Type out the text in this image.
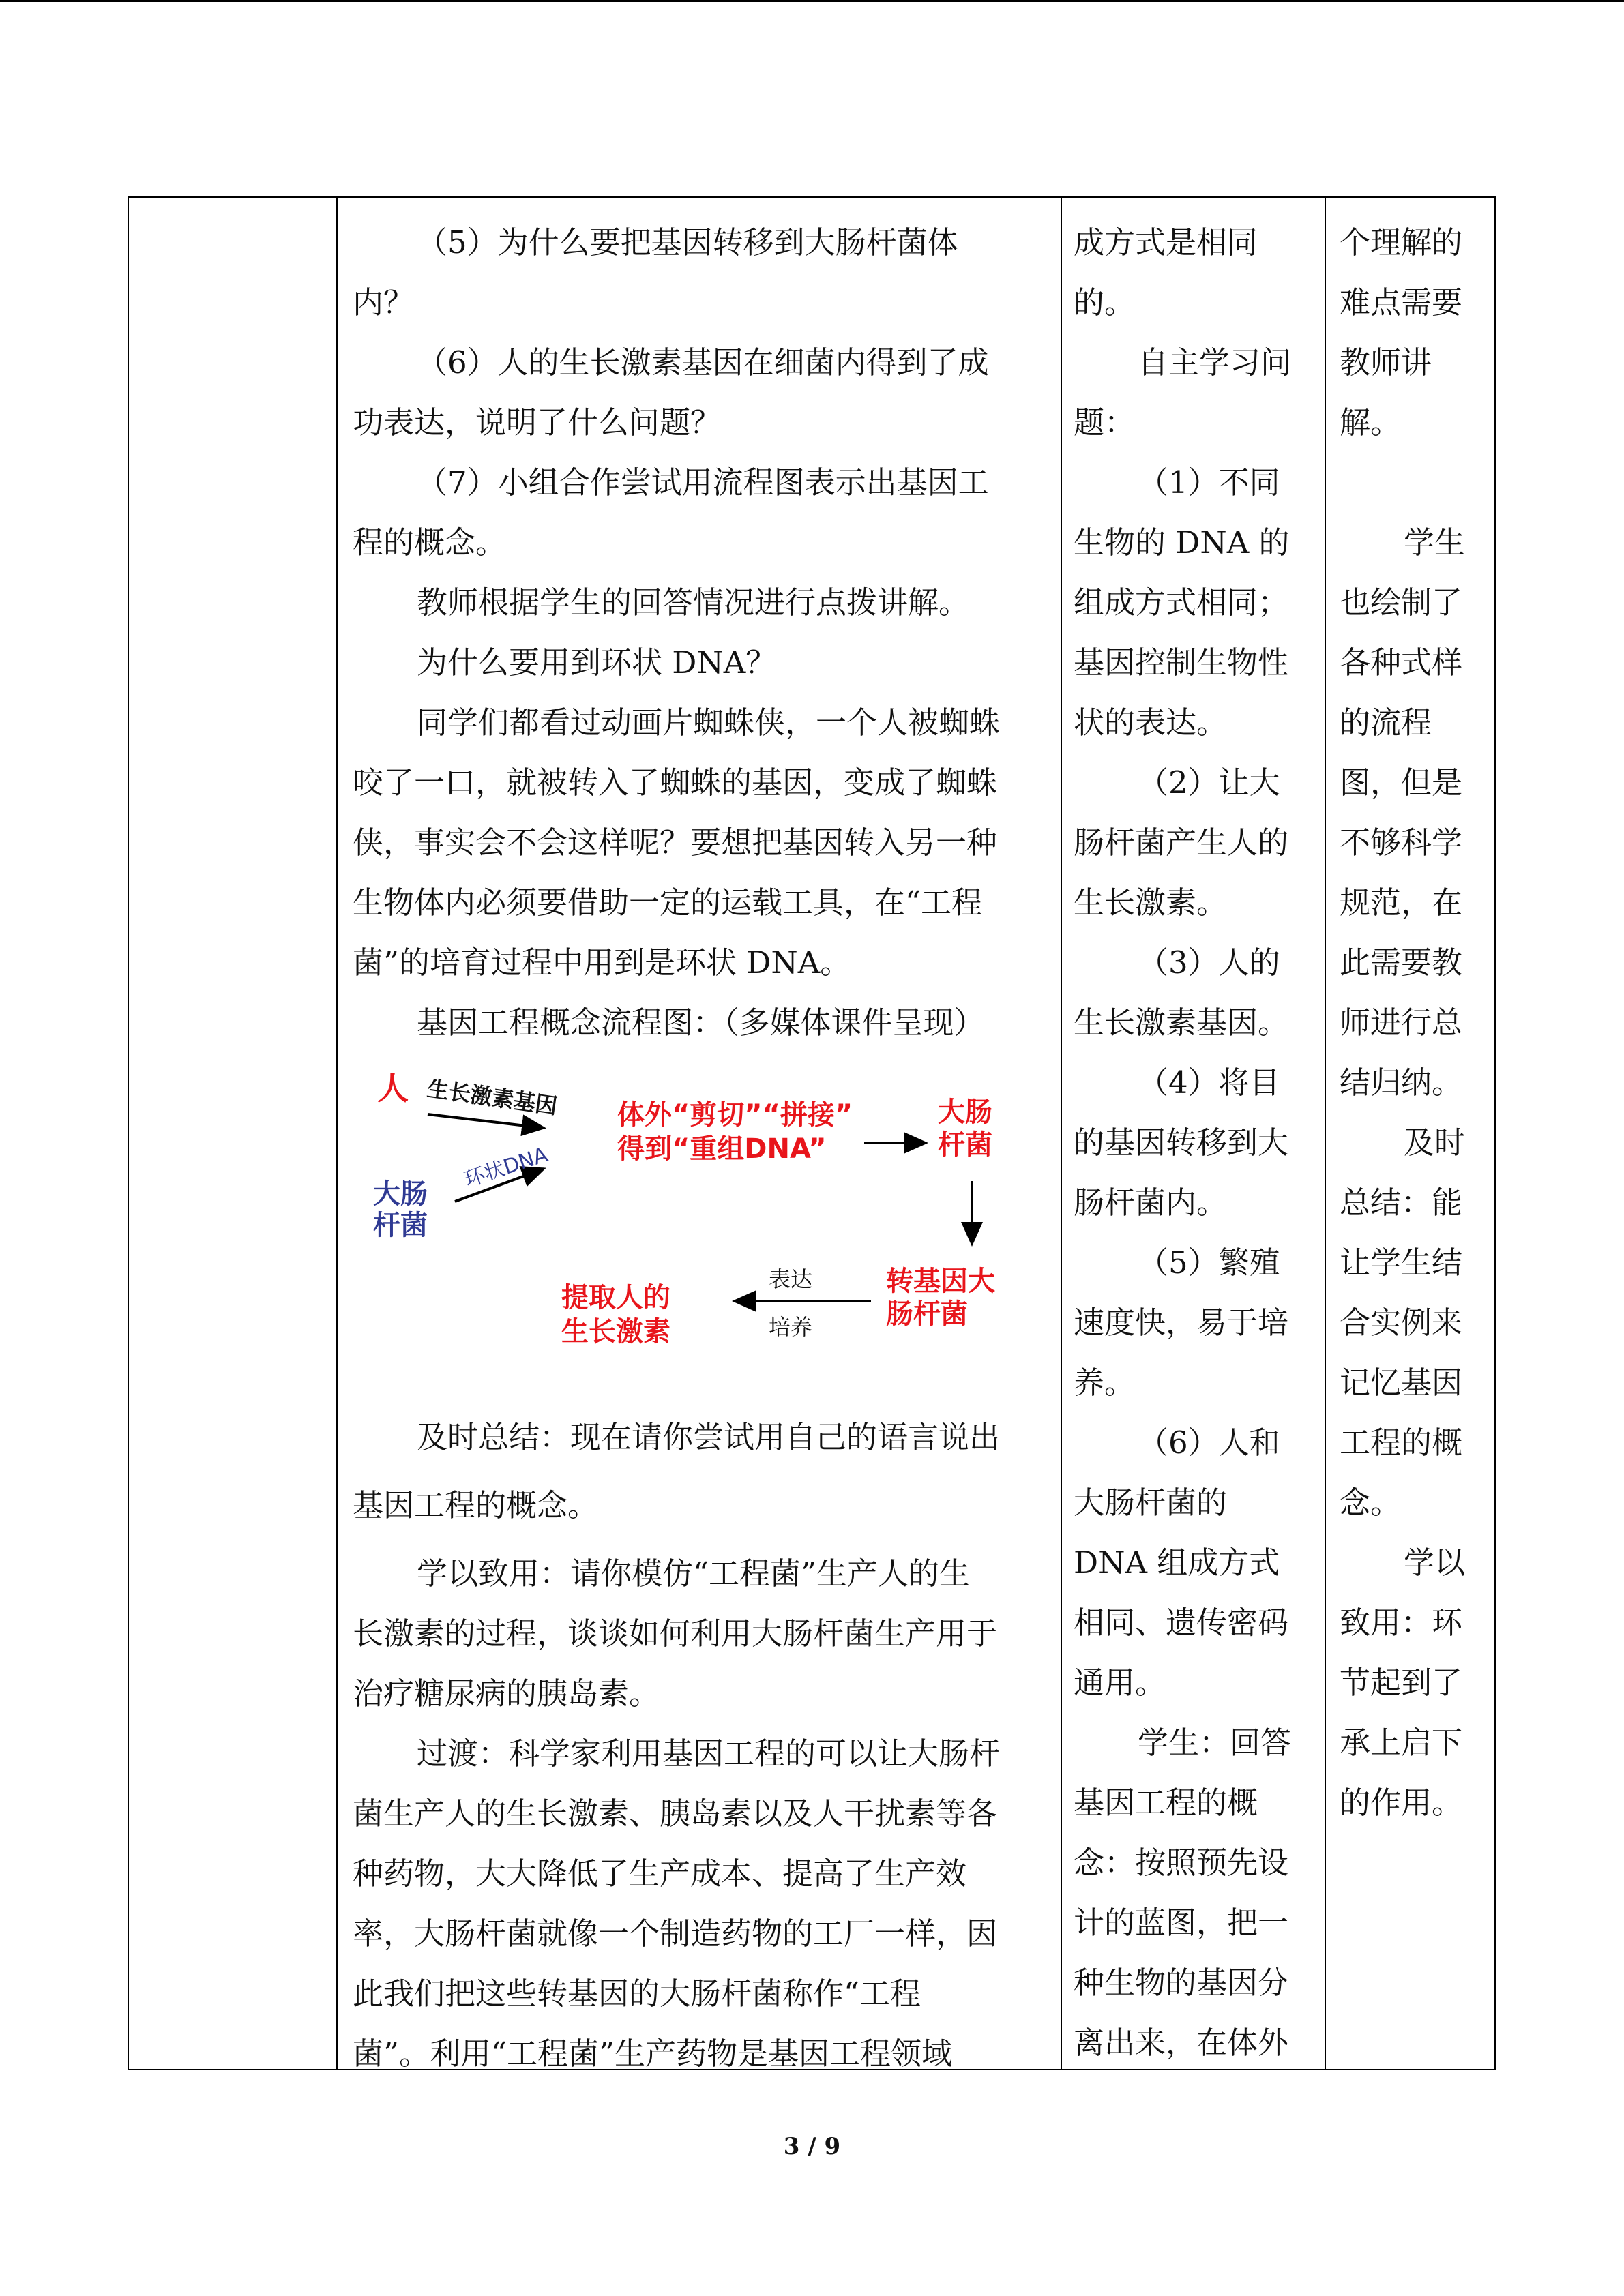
（5）为什么要把基因转移到大肠杆菌体

内？

（6）人的生长激素基因在细菌内得到了成

功表达，说明了什么问题？

（7）小组合作尝试用流程图表示出基因工

程的概念。

教师根据学生的回答情况进行点拨讲解。

为什么要用到环状 DNA？

同学们都看过动画片蜘蛛侠，一个人被蜘蛛

咬了一口，就被转入了蜘蛛的基因，变成了蜘蛛

侠，事实会不会这样呢？要想把基因转入另一种

生物体内必须要借助一定的运载工具，在“工程

菌”的培育过程中用到是环状 DNA。

基因工程概念流程图：（多媒体课件呈现）

人 生长激素基因
大肠
杆菌
环状DNA
体外“剪切”“拼接”
得到“重组DNA”
大肠
杆菌
转基因大
肠杆菌
表达
培养
提取人的
生长激素

及时总结：现在请你尝试用自己的语言说出

基因工程的概念。

学以致用：请你模仿“工程菌”生产人的生

长激素的过程，谈谈如何利用大肠杆菌生产用于

治疗糖尿病的胰岛素。

过渡：科学家利用基因工程的可以让大肠杆

菌生产人的生长激素、胰岛素以及人干扰素等各

种药物，大大降低了生产成本、提高了生产效

率，大肠杆菌就像一个制造药物的工厂一样，因

此我们把这些转基因的大肠杆菌称作“工程

菌”。利用“工程菌”生产药物是基因工程领域

成方式是相同

的。

自主学习问

题：

（1）不同

生物的 DNA 的

组成方式相同；

基因控制生物性

状的表达。

（2）让大

肠杆菌产生人的

生长激素。

（3）人的

生长激素基因。

（4）将目

的基因转移到大

肠杆菌内。

（5）繁殖

速度快，易于培

养。

（6）人和

大肠杆菌的

DNA 组成方式

相同、遗传密码

通用。

学生：回答

基因工程的概

念：按照预先设

计的蓝图，把一

种生物的基因分

离出来，在体外

个理解的

难点需要

教师讲

解。

学生

也绘制了

各种式样

的流程

图，但是

不够科学

规范，在

此需要教

师进行总

结归纳。

及时

总结：能

让学生结

合实例来

记忆基因

工程的概

念。

学以

致用：环

节起到了

承上启下

的作用。

3 / 9
